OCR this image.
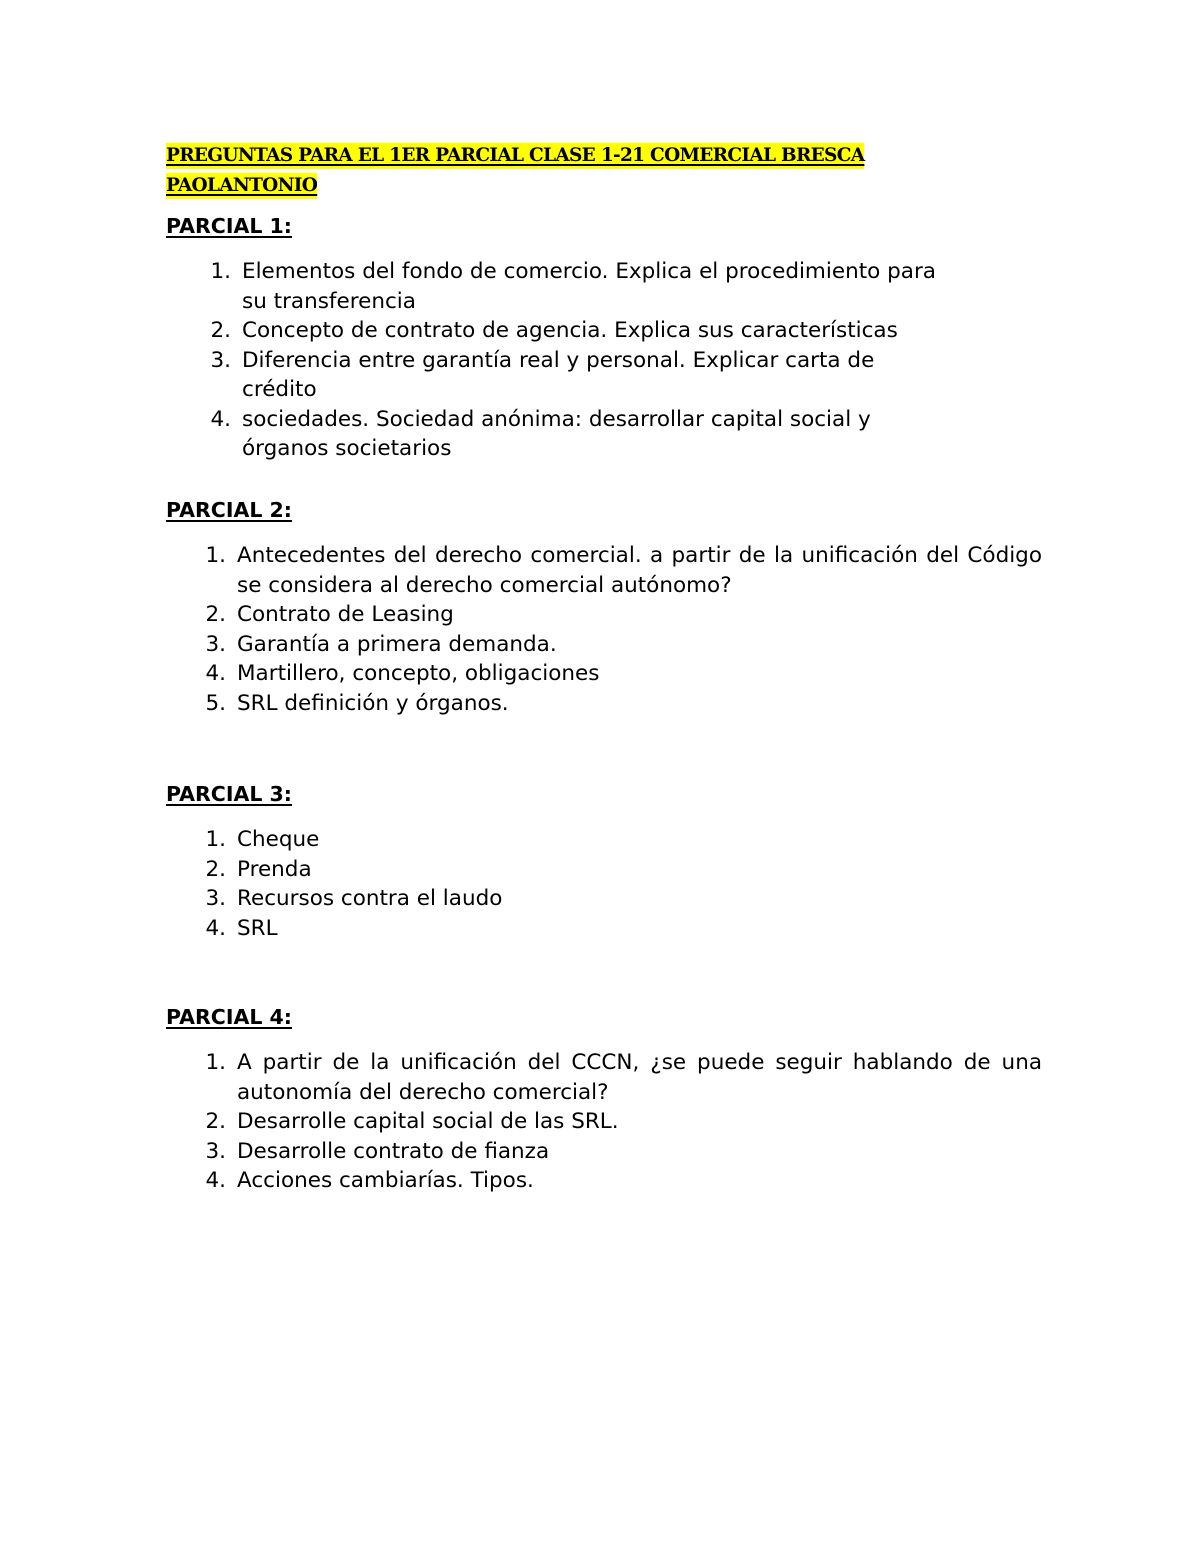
PREGUNTAS PARA EL 1ER PARCIAL CLASE 1-21 COMERCIAL BRESCA PAOLANTONIO
PARCIAL 1:
1. Elementos del fondo de comercio. Explica el procedimiento para su transferencia
2. Concepto de contrato de agencia. Explica sus características
3. Diferencia entre garantía real y personal. Explicar carta de crédito
4. sociedades. Sociedad anónima: desarrollar capital social y órganos societarios
PARCIAL 2:
1. Antecedentes del derecho comercial. a partir de la unificación del Código se considera al derecho comercial autónomo?
2. Contrato de Leasing
3. Garantía a primera demanda.
4. Martillero, concepto, obligaciones
5. SRL definición y órganos.
PARCIAL 3:
1. Cheque
2. Prenda
3. Recursos contra el laudo
4. SRL
PARCIAL 4:
1. A partir de la unificación del CCCN, ¿se puede seguir hablando de una autonomía del derecho comercial?
2. Desarrolle capital social de las SRL.
3. Desarrolle contrato de fianza
4. Acciones cambiarías. Tipos.
